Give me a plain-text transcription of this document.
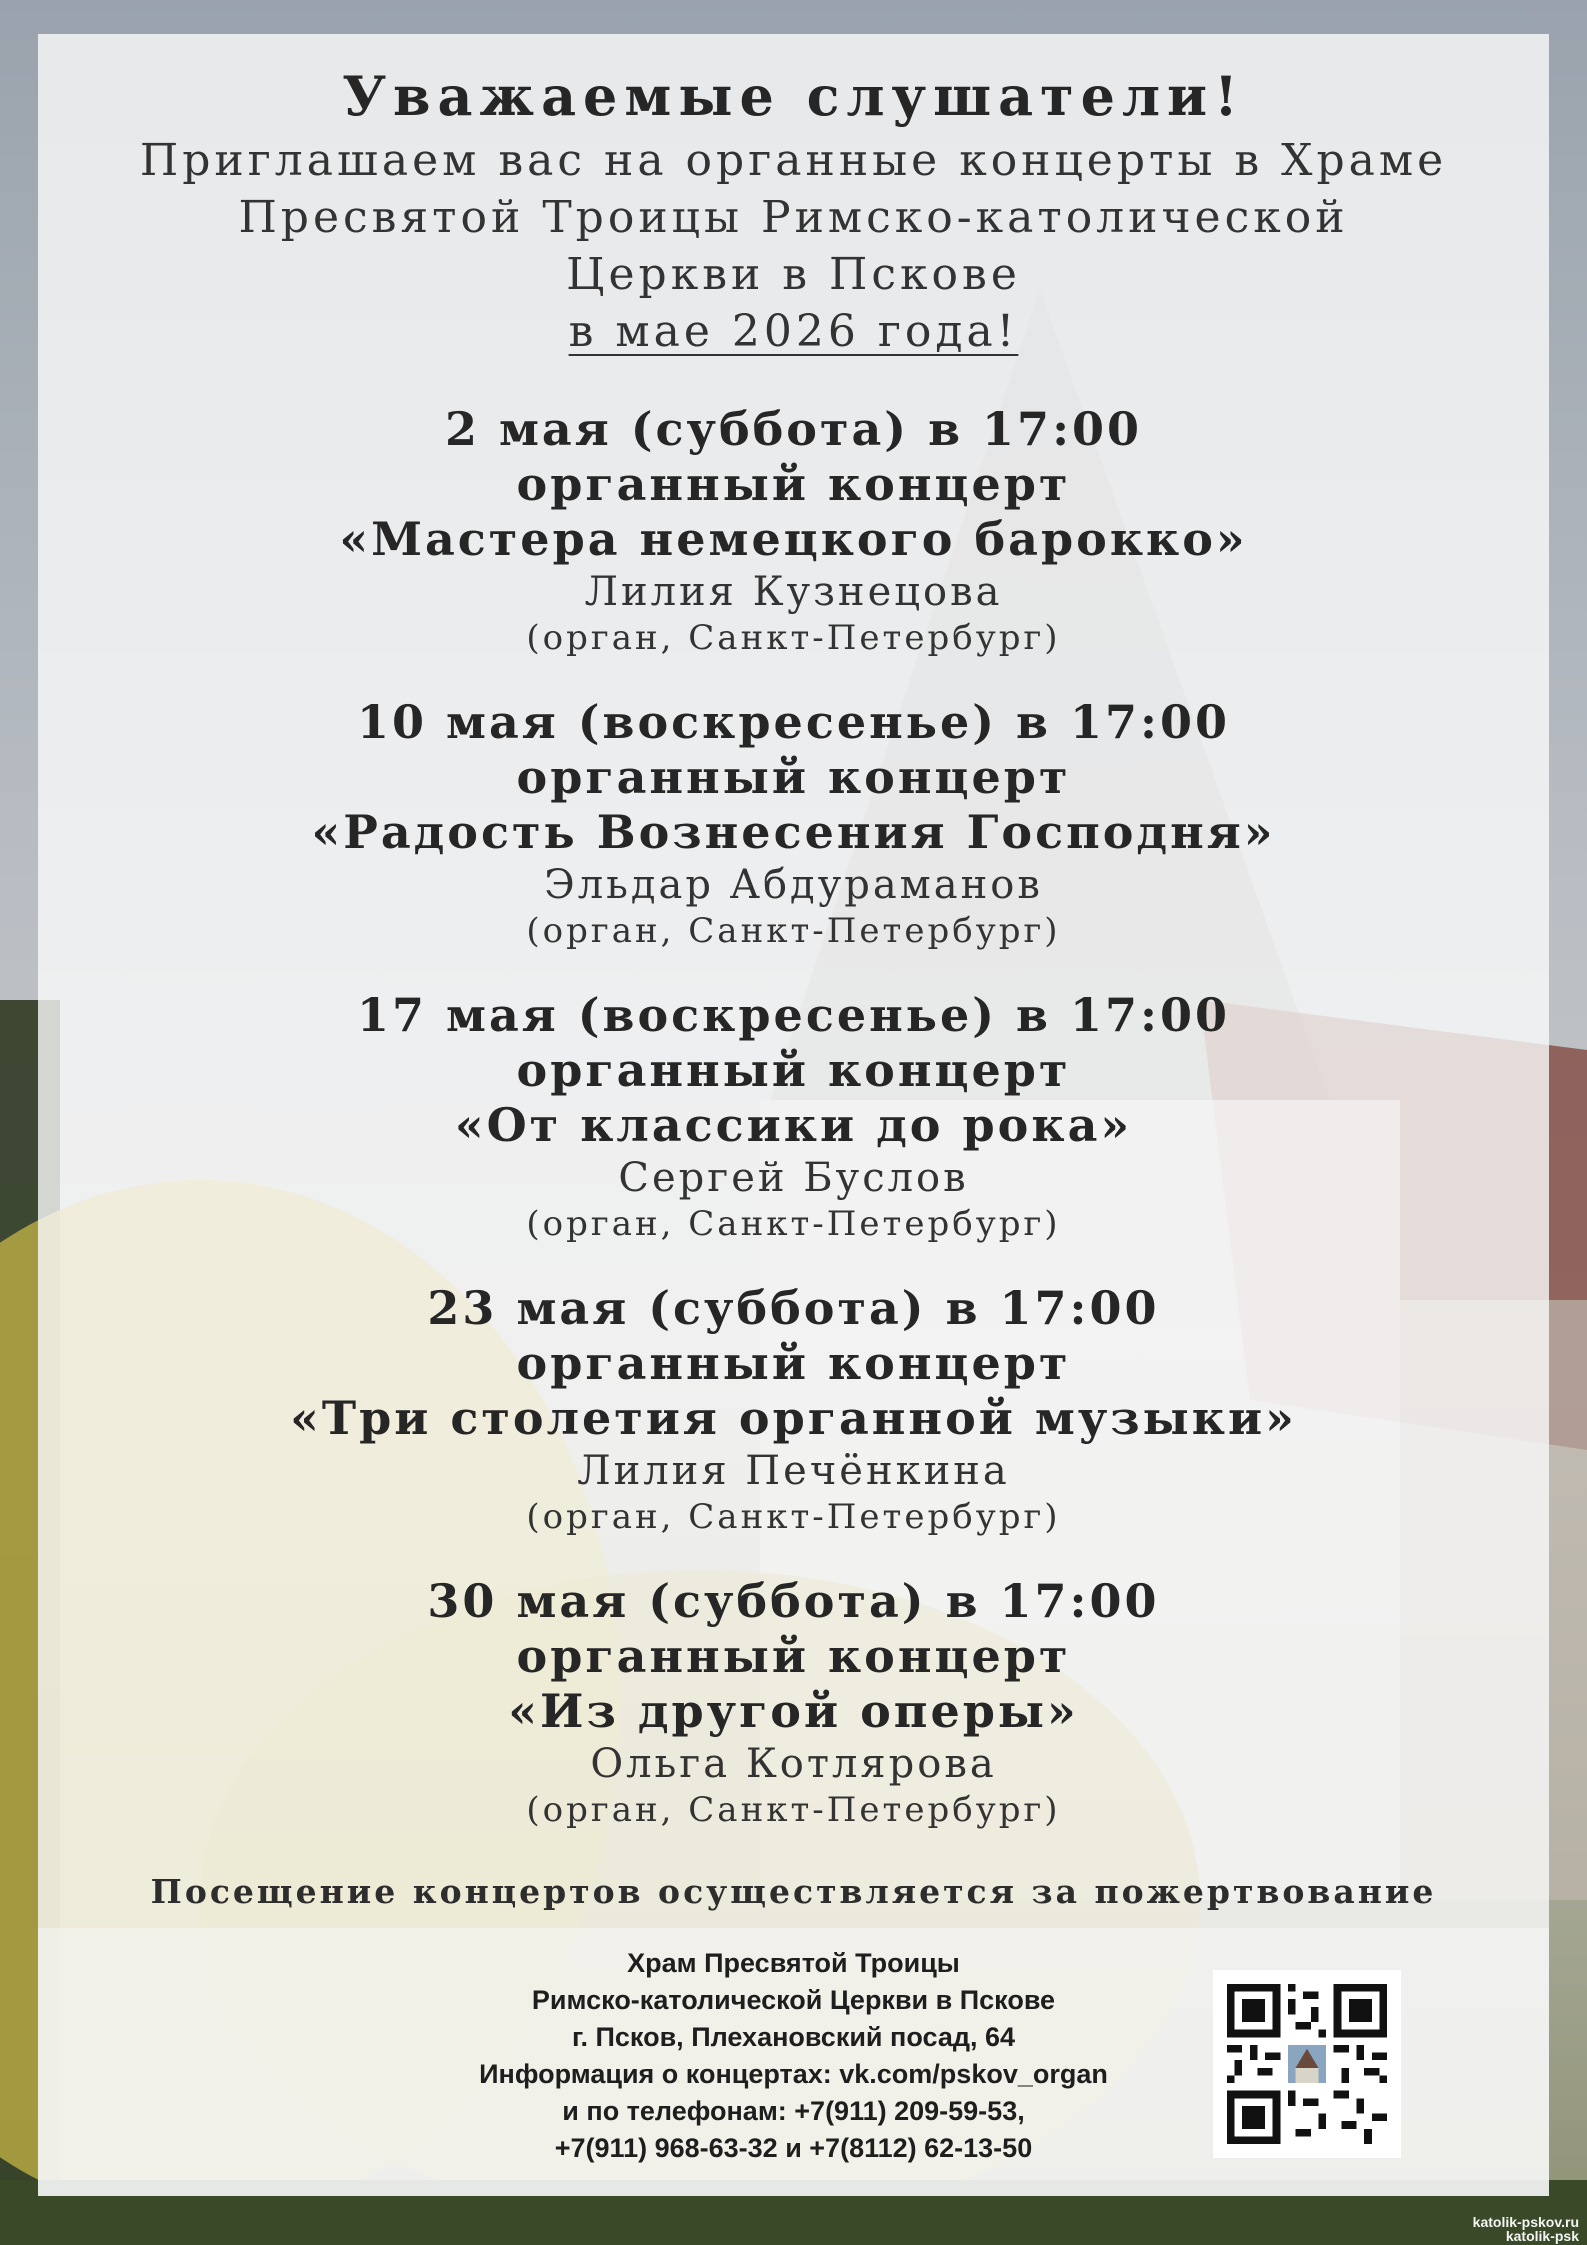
Уважаемые слушатели!
Приглашаем вас на органные концерты в Храме
Пресвятой Троицы Римско-католической
Церкви в Пскове
в мае 2026 года!
2 мая (суббота) в 17:00
органный концерт
«Мастера немецкого барокко»
Лилия Кузнецова
(орган, Санкт-Петербург)
10 мая (воскресенье) в 17:00
органный концерт
«Радость Вознесения Господня»
Эльдар Абдураманов
(орган, Санкт-Петербург)
17 мая (воскресенье) в 17:00
органный концерт
«От классики до рока»
Сергей Буслов
(орган, Санкт-Петербург)
23 мая (суббота) в 17:00
органный концерт
«Три столетия органной музыки»
Лилия Печёнкина
(орган, Санкт-Петербург)
30 мая (суббота) в 17:00
органный концерт
«Из другой оперы»
Ольга Котлярова
(орган, Санкт-Петербург)
Посещение концертов осуществляется за пожертвование
Храм Пресвятой Троицы
Римско-католической Церкви в Пскове
г. Псков, Плехановский посад, 64
Информация о концертах: vk.com/pskov_organ
и по телефонам: +7(911) 209-59-53,
+7(911) 968-63-32 и +7(8112) 62-13-50
katolik-pskov.ru
katolik-psk
